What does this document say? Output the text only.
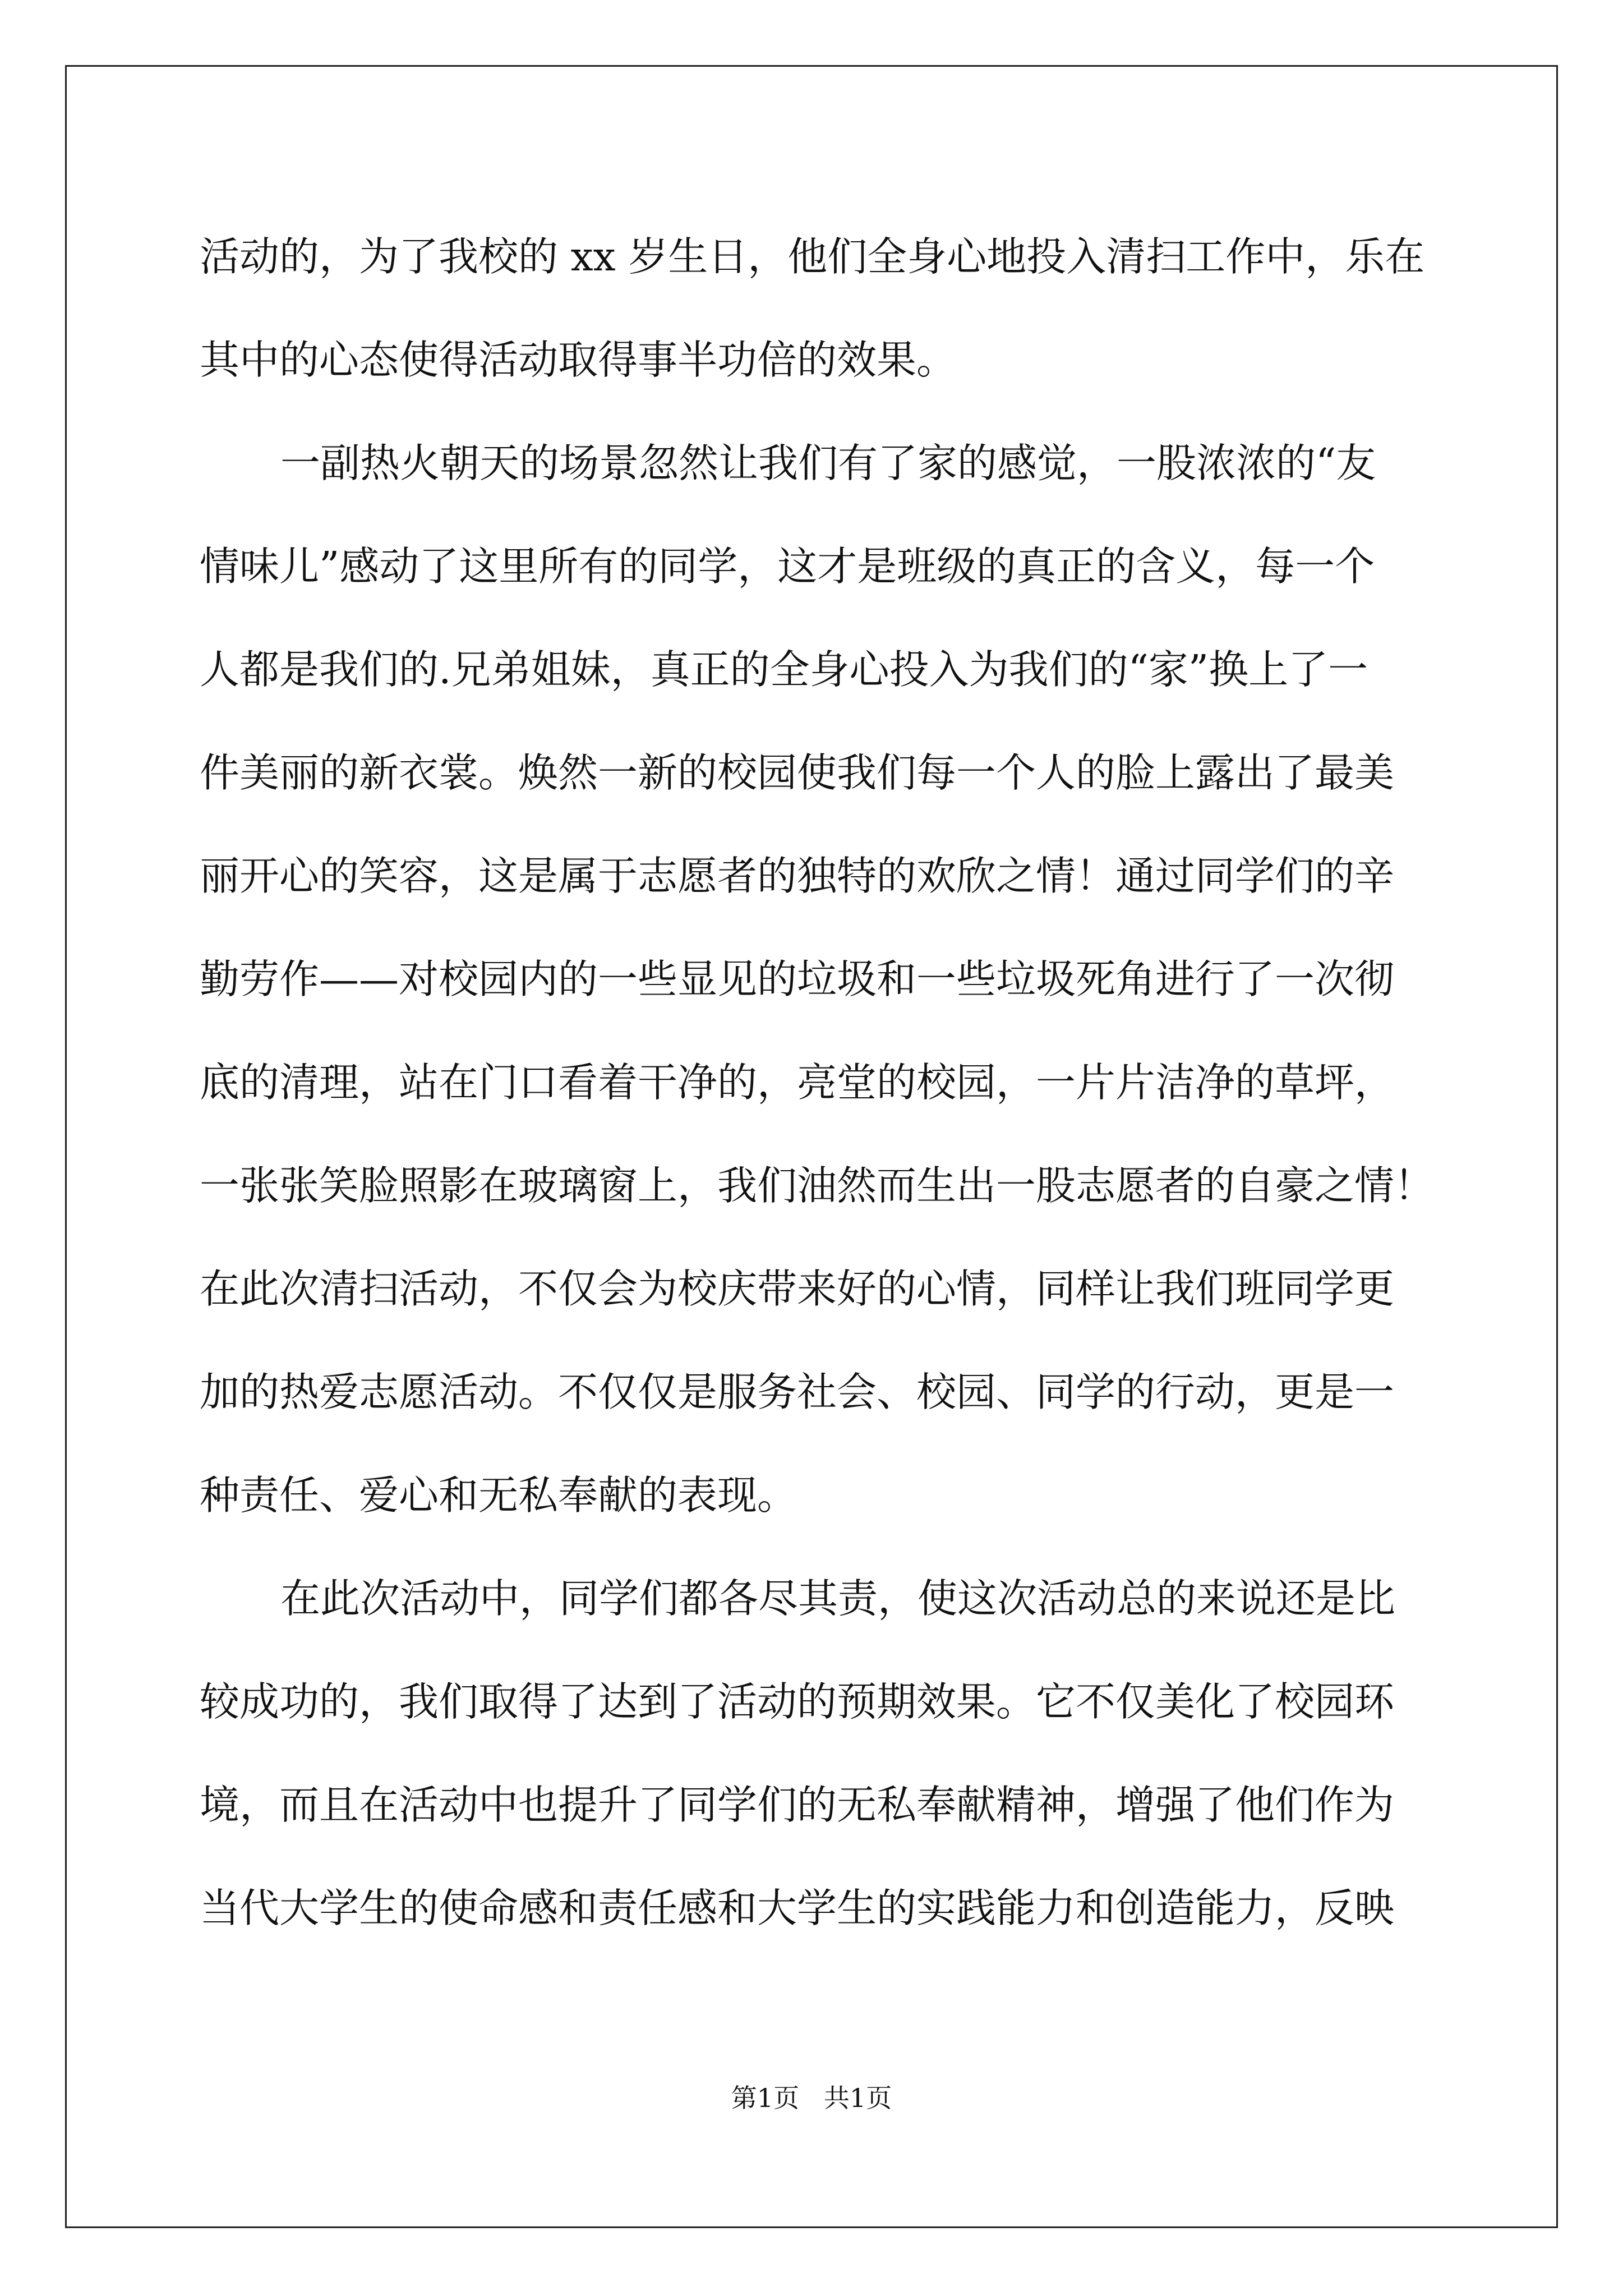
活动的，为了我校的 xx 岁生日，他们全身心地投入清扫工作中，乐在
其中的心态使得活动取得事半功倍的效果。
一副热火朝天的场景忽然让我们有了家的感觉，一股浓浓的“友
情味儿”感动了这里所有的同学，这才是班级的真正的含义，每一个
人都是我们的.兄弟姐妹，真正的全身心投入为我们的“家”换上了一
件美丽的新衣裳。焕然一新的校园使我们每一个人的脸上露出了最美
丽开心的笑容，这是属于志愿者的独特的欢欣之情！通过同学们的辛
勤劳作——对校园内的一些显见的垃圾和一些垃圾死角进行了一次彻
底的清理，站在门口看着干净的，亮堂的校园，一片片洁净的草坪，
一张张笑脸照影在玻璃窗上，我们油然而生出一股志愿者的自豪之情！
在此次清扫活动，不仅会为校庆带来好的心情，同样让我们班同学更
加的热爱志愿活动。不仅仅是服务社会、校园、同学的行动，更是一
种责任、爱心和无私奉献的表现。
在此次活动中，同学们都各尽其责，使这次活动总的来说还是比
较成功的，我们取得了达到了活动的预期效果。它不仅美化了校园环
境，而且在活动中也提升了同学们的无私奉献精神，增强了他们作为
当代大学生的使命感和责任感和大学生的实践能力和创造能力，反映
第1页   共1页
